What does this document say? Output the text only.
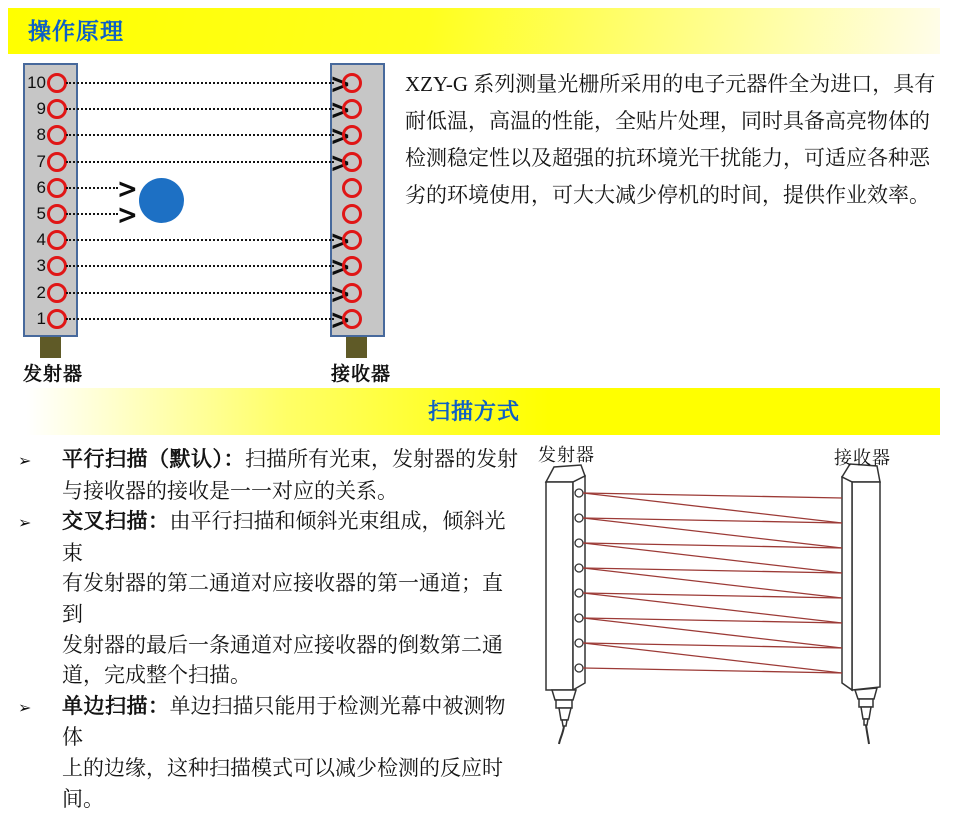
操作原理
10	>
9	>
8	>
7	>
6	>
5	>
4	>
3	>
2	>
1	>
发射器	接收器
XZY-G 系列测量光栅所采用的电子元器件全为进口，具有
耐低温，高温的性能，全贴片处理，同时具备高亮物体的
检测稳定性以及超强的抗环境光干扰能力，可适应各种恶
劣的环境使用，可大大减少停机的时间，提供作业效率。
扫描方式
➢ 平行扫描（默认）：扫描所有光束，发射器的发射
与接收器的接收是一一对应的关系。
➢ 交叉扫描：由平行扫描和倾斜光束组成，倾斜光束
有发射器的第二通道对应接收器的第一通道；直到
发射器的最后一条通道对应接收器的倒数第二通
道，完成整个扫描。
➢ 单边扫描：单边扫描只能用于检测光幕中被测物体
上的边缘，这种扫描模式可以减少检测的反应时
间。
发射器	接收器
